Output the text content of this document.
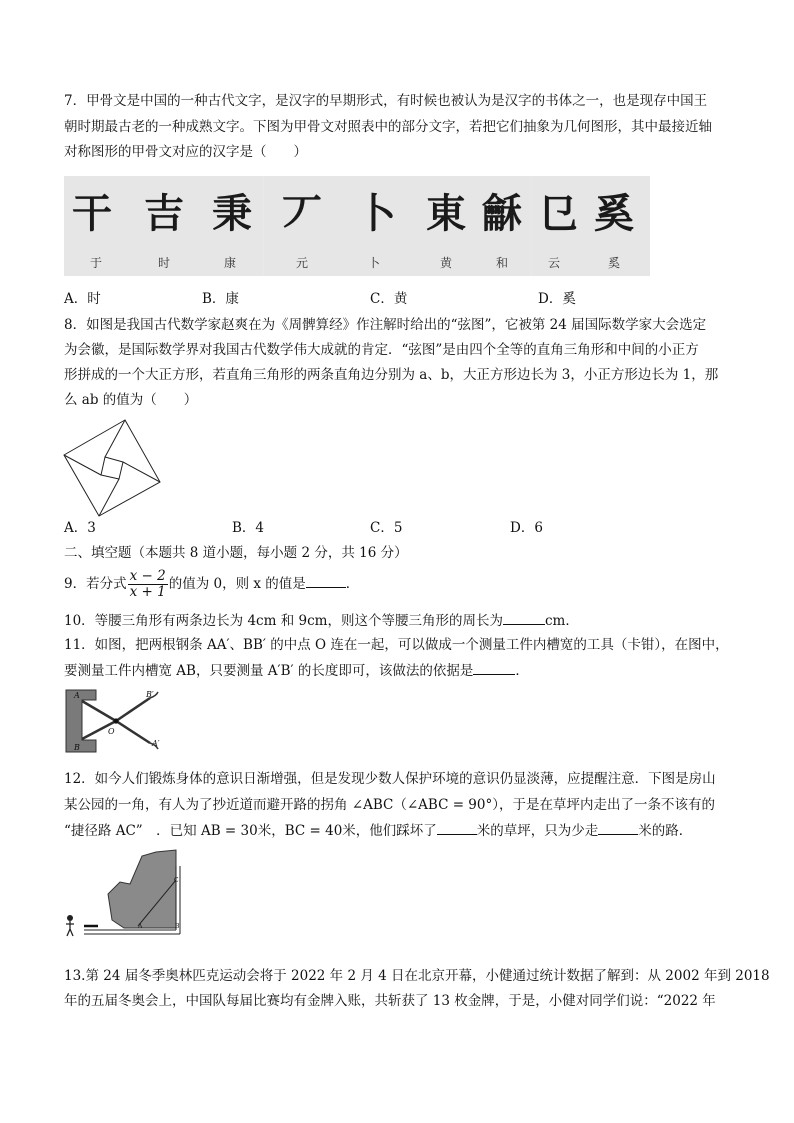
7．甲骨文是中国的一种古代文字，是汉字的早期形式，有时候也被认为是汉字的书体之一，也是现存中国王
朝时期最古老的一种成熟文字。下图为甲骨文对照表中的部分文字，若把它们抽象为几何图形，其中最接近轴
对称图形的甲骨文对应的汉字是（　　）
干 吉 秉 丆 卜 東 龢 㔾 奚
于	时	康	元	卜	黄	和	云	奚
A．时	B．康	C．黄	D．奚
8．如图是我国古代数学家赵爽在为《周髀算经》作注解时给出的“弦图”，它被第 24 届国际数学家大会选定
为会徽，是国际数学界对我国古代数学伟大成就的肯定．“弦图”是由四个全等的直角三角形和中间的小正方
形拼成的一个大正方形，若直角三角形的两条直角边分别为 a、b，大正方形边长为 3，小正方形边长为 1，那
么 ab 的值为（　　）
A．3	B．4	C．5	D．6
二、填空题（本题共 8 道小题，每小题 2 分，共 16 分）
9．若分式 $\frac{x - 2}{x + 1}$ 的值为 0，则 x 的值是	．
10．等腰三角形有两条边长为 4cm 和 9cm，则这个等腰三角形的周长为	cm．
11．如图，把两根钢条 AA′、BB′ 的中点 O 连在一起，可以做成一个测量工件内槽宽的工具（卡钳），在图中，
要测量工件内槽宽 AB，只要测量 A′B′ 的长度即可，该做法的依据是	．
A
B
B′
A′
O
12．如今人们锻炼身体的意识日渐增强，但是发现少数人保护环境的意识仍显淡薄，应提醒注意．下图是房山
某公园的一角，有人为了抄近道而避开路的拐角 ∠ABC（∠ABC = 90°），于是在草坪内走出了一条不该有的
“捷径路 AC”　．已知 AB = 30米，BC = 40米，他们踩坏了	米的草坪，只为少走	米的路．
C
A	B
13.第 24 届冬季奥林匹克运动会将于 2022 年 2 月 4 日在北京开幕，小健通过统计数据了解到：从 2002 年到 2018
年的五届冬奥会上，中国队每届比赛均有金牌入账，共斩获了 13 枚金牌，于是，小健对同学们说：“2022 年
